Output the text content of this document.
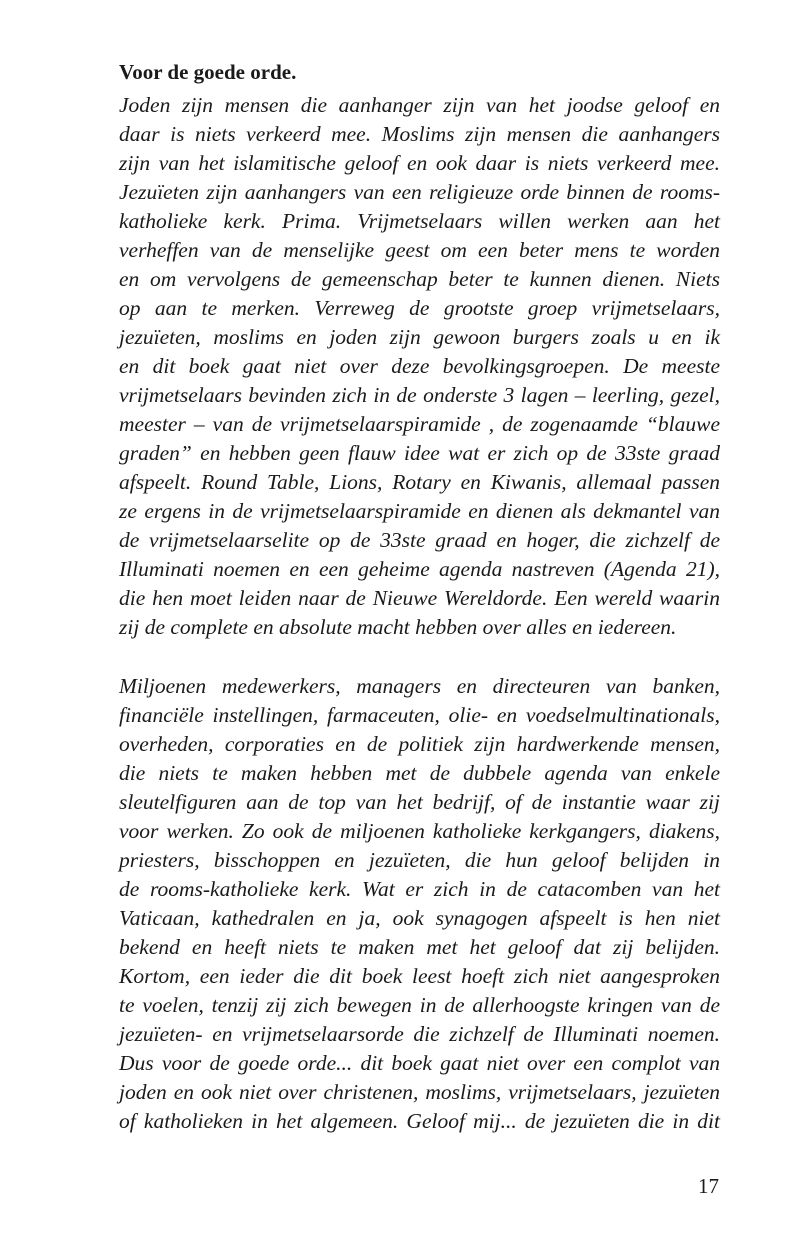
Voor de goede orde.
Joden zijn mensen die aanhanger zijn van het joodse geloof en
daar is niets verkeerd mee. Moslims zijn mensen die aanhangers
zijn van het islamitische geloof en ook daar is niets verkeerd mee.
Jezuïeten zijn aanhangers van een religieuze orde binnen de rooms-
katholieke kerk. Prima. Vrijmetselaars willen werken aan het
verheffen van de menselijke geest om een beter mens te worden
en om vervolgens de gemeenschap beter te kunnen dienen. Niets
op aan te merken. Verreweg de grootste groep vrijmetselaars,
jezuïeten, moslims en joden zijn gewoon burgers zoals u en ik
en dit boek gaat niet over deze bevolkingsgroepen. De meeste
vrijmetselaars bevinden zich in de onderste 3 lagen – leerling, gezel,
meester – van de vrijmetselaarspiramide , de zogenaamde “blauwe
graden” en hebben geen flauw idee wat er zich op de 33ste graad
afspeelt. Round Table, Lions, Rotary en Kiwanis, allemaal passen
ze ergens in de vrijmetselaarspiramide en dienen als dekmantel van
de vrijmetselaarselite op de 33ste graad en hoger, die zichzelf de
Illuminati noemen en een geheime agenda nastreven (Agenda 21),
die hen moet leiden naar de Nieuwe Wereldorde. Een wereld waarin
zij de complete en absolute macht hebben over alles en iedereen.
Miljoenen medewerkers, managers en directeuren van banken,
financiële instellingen, farmaceuten, olie- en voedselmultinationals,
overheden, corporaties en de politiek zijn hardwerkende mensen,
die niets te maken hebben met de dubbele agenda van enkele
sleutelfiguren aan de top van het bedrijf, of de instantie waar zij
voor werken. Zo ook de miljoenen katholieke kerkgangers, diakens,
priesters, bisschoppen en jezuïeten, die hun geloof belijden in
de rooms-katholieke kerk. Wat er zich in de catacomben van het
Vaticaan, kathedralen en ja, ook synagogen afspeelt is hen niet
bekend en heeft niets te maken met het geloof dat zij belijden.
Kortom, een ieder die dit boek leest hoeft zich niet aangesproken
te voelen, tenzij zij zich bewegen in de allerhoogste kringen van de
jezuïeten- en vrijmetselaarsorde die zichzelf de Illuminati noemen.
Dus voor de goede orde... dit boek gaat niet over een complot van
joden en ook niet over christenen, moslims, vrijmetselaars, jezuïeten
of katholieken in het algemeen. Geloof mij... de jezuïeten die in dit
17
